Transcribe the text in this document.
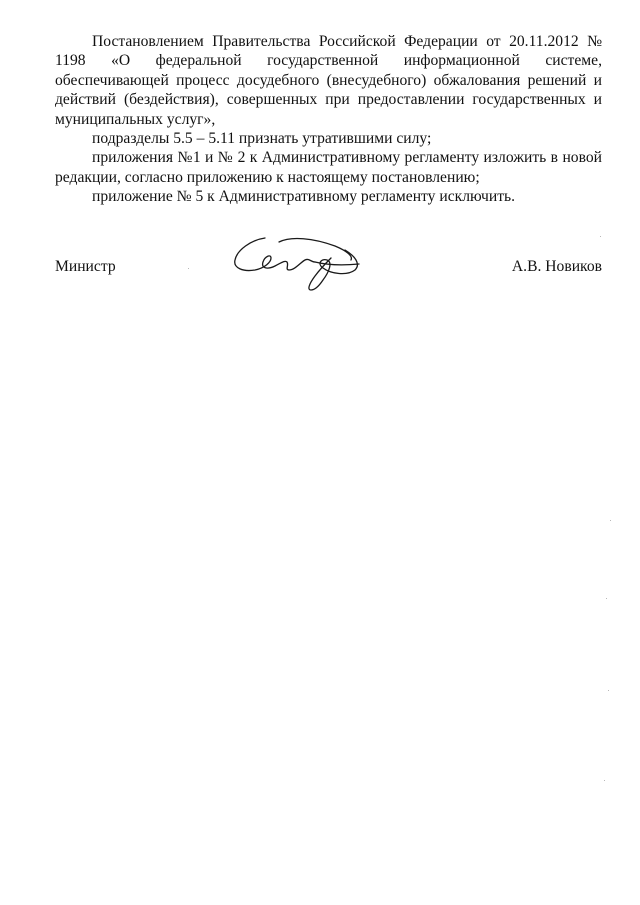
Постановлением Правительства Российской Федерации от 20.11.2012 № 1198 «О федеральной государственной информационной системе, обеспечивающей процесс досудебного (внесудебного) обжалования решений и действий (бездействия), совершенных при предоставлении государственных и муниципальных услуг»,

подразделы 5.5 – 5.11 признать утратившими силу;

приложения №1 и № 2 к Административному регламенту изложить в новой редакции, согласно приложению к настоящему постановлению;

приложение № 5 к Административному регламенту исключить.

Министр	А.В. Новиков
